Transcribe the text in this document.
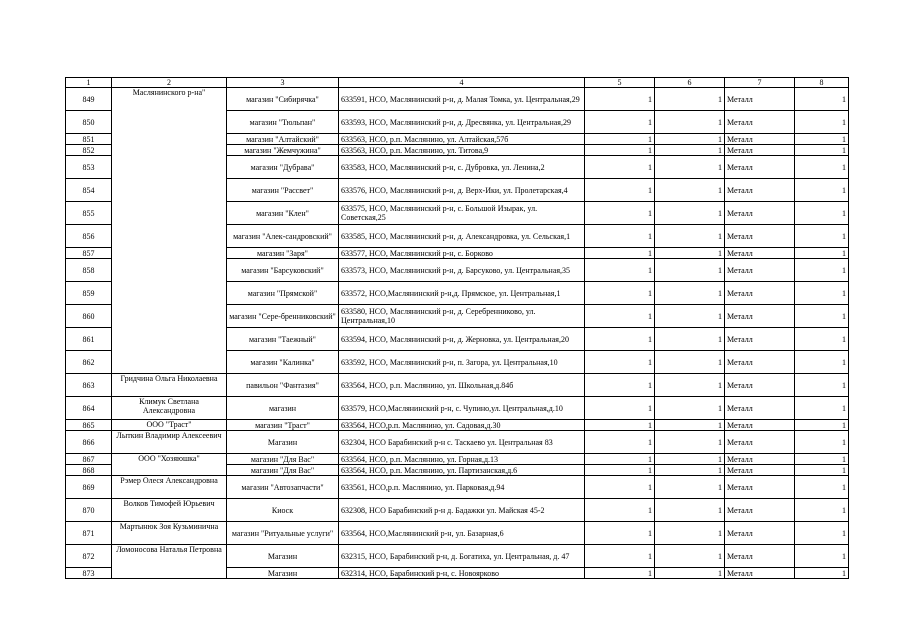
1	2	3	4	5	6	7	8
849	Маслянинского р-на"	магазин "Сибирячка"	633591, НСО, Маслянинский р-н, д. Малая Томка, ул. Центральная,29	1	1	Металл	1
850		магазин "Тюльпан"	633593, НСО, Маслянинский р-н, д. Дресвянка, ул. Центральная,29	1	1	Металл	1
851		магазин "Алтайский"	633563, НСО, р.п. Маслянино, ул. Алтайская,57б	1	1	Металл	1
852		магазин "Жемчужина"	633563, НСО, р.п. Маслянино, ул. Титова,9	1	1	Металл	1
853		магазин "Дубрава"	633583, НСО, Маслянинский р-н, с. Дубровка, ул. Ленина,2	1	1	Металл	1
854		магазин "Рассвет"	633576, НСО, Маслянинский р-н, д. Верх-Ики, ул. Пролетарская,4	1	1	Металл	1
855		магазин "Клен"	633575, НСО, Маслянинский р-н, с. Большой Изырак, ул. Советская,25	1	1	Металл	1
856		магазин "Алек-сандровский"	633585, НСО, Маслянинский р-н, д. Александровка, ул. Сельская,1	1	1	Металл	1
857		магазин "Заря"	633577, НСО, Маслянинский р-н, с. Борково	1	1	Металл	1
858		магазин "Барсуковский"	633573, НСО, Маслянинский р-н, д. Барсуково, ул. Центральная,35	1	1	Металл	1
859		магазин "Прямской"	633572, НСО,Маслянинский р-н,д. Прямское, ул. Центральная,1	1	1	Металл	1
860		магазин "Сере-бренниковский"	633580, НСО, Маслянинский р-н, д. Серебренниково, ул. Центральная,10	1	1	Металл	1
861		магазин "Таежный"	633594, НСО, Маслянинский р-н, д. Жерновка, ул. Центральная,20	1	1	Металл	1
862		магазин "Калинка"	633592, НСО, Маслянинский р-н, п. Загора, ул. Центральная,10	1	1	Металл	1
863	Гридчина Ольга Николаевна	павильон "Фантазия"	633564, НСО, р.п. Маслянино, ул. Школьная,д.84б	1	1	Металл	1
864	Климук Светлана Александровна	магазин	633579, НСО,Маслянинский р-н, с. Чупино,ул. Центральная,д.10	1	1	Металл	1
865	ООО "Траст"	магазин "Траст"	633564, НСО,р.п. Маслянино, ул. Садовая,д.30	1	1	Металл	1
866	Лыткин Владимир Алексеевич	Магазин	632304, НСО Барабинский р-н с. Таскаево ул. Центральная 83	1	1	Металл	1
867	ООО "Хозяюшка"	магазин "Для Вас"	633564, НСО, р.п. Маслянино, ул. Горная,д.13	1	1	Металл	1
868		магазин "Для Вас"	633564, НСО, р.п. Маслянино, ул. Партизанская,д.6	1	1	Металл	1
869	Рэмер Олеся Александровна	магазин "Автозапчасти"	633561, НСО,р.п. Маслянино, ул. Парковая,д.94	1	1	Металл	1
870	Волков Тимофей Юрьевич	Киоск	632308, НСО Барабинский р-н д. Бадажки ул. Майская 45-2	1	1	Металл	1
871	Мартынюк Зоя Кузьминична	магазин "Ритуальные услуги"	633564, НСО,Маслянинский р-н, ул. Базарная,6	1	1	Металл	1
872	Ломоносова Наталья Петровна	Магазин	632315, НСО, Барабинский р-н, д. Богатиха, ул. Центральная, д. 47	1	1	Металл	1
873		Магазин	632314, НСО, Барабинский р-н, с. Новоярково	1	1	Металл	1
